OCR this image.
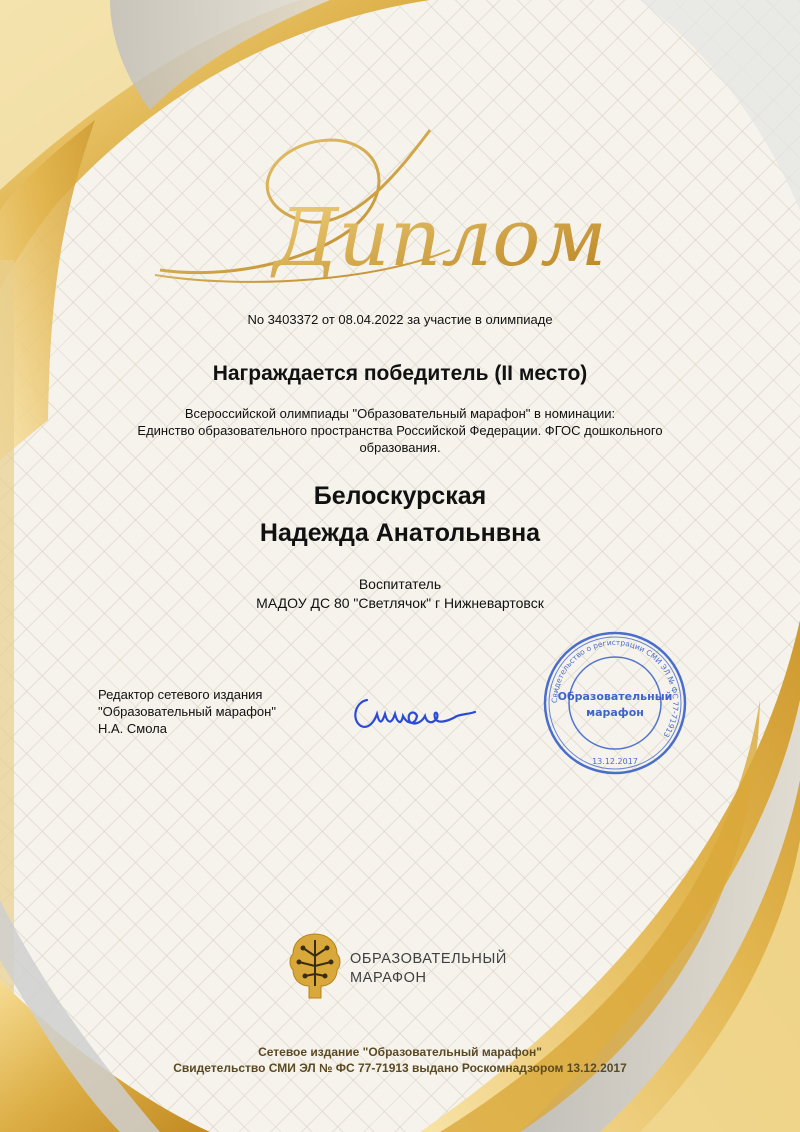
Диплом
No 3403372 от 08.04.2022 за участие в олимпиаде
Награждается победитель (II место)
Всероссийской олимпиады "Образовательный марафон" в номинации:
Единство образовательного пространства Российской Федерации. ФГОС дошкольного
образования.
Белоскурская
Надежда Анатольнвна
Воспитатель
МАДОУ ДС 80 "Светлячок" г Нижневартовск
Редактор сетевого издания
"Образовательный марафон"
Н.А. Смола
Свидетельство о регистрации СМИ ЭЛ № ФС 77-71913
Образовательный
марафон
13.12.2017
ОБРАЗОВАТЕЛЬНЫЙ
МАРАФОН
Сетевое издание "Образовательный марафон"
Свидетельство СМИ ЭЛ № ФС 77-71913 выдано Роскомнадзором 13.12.2017
